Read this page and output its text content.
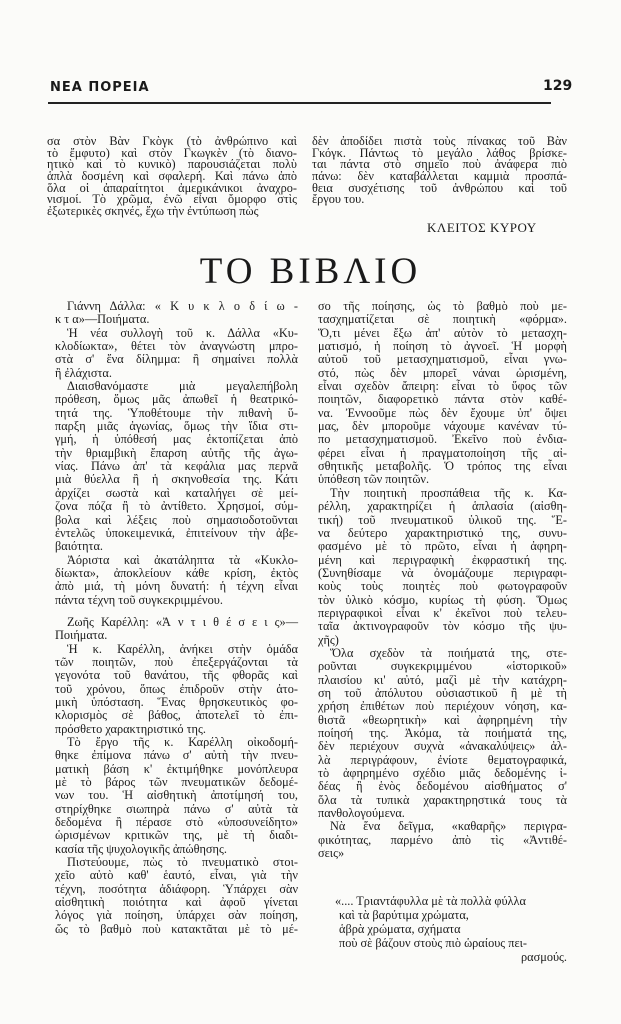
ΝΕΑ ΠΟΡΕΙΑ	129
σα στὸν Βὰν Γκὸγκ (τὸ ἀνθρώπινο καὶ
τὸ ἔμφυτο) καὶ στὸν Γκωγκὲν (τὸ διανο-
ητικὸ καὶ τὸ κυνικὸ) παρουσιάζεται πολὺ
ἁπλὰ δοσμένη καὶ σφαλερή. Καὶ πάνω ἀπὸ
ὅλα οἱ ἀπαραίτητοι ἀμερικάνικοι ἀναχρο-
νισμοί. Τὸ χρῶμα, ἐνῶ εἶναι ὄμορφο στὶς
ἐξωτερικὲς σκηνές, ἔχω τὴν ἐντύπωση πὼς
δὲν ἀποδίδει πιστὰ τοὺς πίνακας τοῦ Βὰν
Γκόγκ. Πάντως τὸ μεγάλο λάθος βρίσκε-
ται πάντα στὸ σημεῖο ποὺ ἀνάφερα πιὸ
πάνω: δὲν καταβάλλεται καμμιὰ προσπά-
θεια συσχέτισης τοῦ ἀνθρώπου καὶ τοῦ
ἔργου του.
ΚΛΕΙΤΟΣ ΚΥΡΟΥ
ΤΟ ΒΙΒΛΙΟ
Γιάννη Δάλλα: « Κ υ κ λ ο δ ί ω -
κ τ α»—Ποιήματα.
Ἡ νέα συλλογὴ τοῦ κ. Δάλλα «Κυ-
κλοδίωκτα», θέτει τὸν ἀναγνώστη μπρο-
στὰ σ' ἕνα δίλημμα: ἢ σημαίνει πολλὰ
ἢ ἐλάχιστα.
Διαισθανόμαστε μιὰ μεγαλεπήβολη
πρόθεση, ὅμως μᾶς ἀπωθεῖ ἡ θεατρικό-
τητά της. Ὑποθέτουμε τὴν πιθανὴ ὕ-
παρξη μιᾶς ἀγωνίας, ὅμως τὴν ἴδια στι-
γμή, ἡ ὑπόθεσή μας ἐκτοπίζεται ἀπὸ
τὴν θριαμβικὴ ἔπαρση αὐτῆς τῆς ἀγω-
νίας. Πάνω ἀπ' τὰ κεφάλια μας περνᾶ
μιὰ θύελλα ἢ ἡ σκηνοθεσία της. Κάτι
ἀρχίζει σωστὰ καὶ καταλήγει σὲ μεί-
ζονα πόζα ἢ τὸ ἀντίθετο. Χρησμοί, σύμ-
βολα καὶ λέξεις ποὺ σημασιοδοτοῦνται
ἐντελῶς ὑποκειμενικά, ἐπιτείνουν τὴν ἀβε-
βαιότητα.
Ἀόριστα καὶ ἀκατάληπτα τὰ «Κυκλο-
δίωκτα», ἀποκλείουν κάθε κρίση, ἐκτὸς
ἀπὸ μιά, τὴ μόνη δυνατή: ἡ τέχνη εἶναι
πάντα τέχνη τοῦ συγκεκριμμένου.
Ζωῆς Καρέλλη: «Ἀ ν τ ι θ έ σ ε ι ς»—
Ποιήματα.
Ἡ κ. Καρέλλη, ἀνήκει στὴν ὁμάδα
τῶν ποιητῶν, ποὺ ἐπεξεργάζονται τὰ
γεγονότα τοῦ θανάτου, τῆς φθορᾶς καὶ
τοῦ χρόνου, ὅπως ἐπιδροῦν στὴν ἀτο-
μικὴ ὑπόσταση. Ἕνας θρησκευτικὸς φο-
κλορισμὸς σὲ βάθος, ἀποτελεῖ τὸ ἐπι-
πρόσθετο χαρακτηριστικό της.
Τὸ ἔργο τῆς κ. Καρέλλη οἰκοδομή-
θηκε ἐπίμονα πάνω σ' αὐτὴ τὴν πνευ-
ματικὴ βάση κ' ἐκτιμήθηκε μονόπλευρα
μὲ τὸ βάρος τῶν πνευματικῶν δεδομέ-
νων του. Ἡ αἰσθητικὴ ἀποτίμησή του,
στηρίχθηκε σιωπηρὰ πάνω σ' αὐτὰ τὰ
δεδομένα ἢ πέρασε στὸ «ὑποσυνείδητο»
ὡρισμένων κριτικῶν της, μὲ τὴ διαδι-
κασία τῆς ψυχολογικῆς ἀπώθησης.
Πιστεύουμε, πὼς τὸ πνευματικὸ στοι-
χεῖο αὐτὸ καθ' ἑαυτό, εἶναι, γιὰ τὴν
τέχνη, ποσότητα ἀδιάφορη. Ὑπάρχει σὰν
αἰσθητικὴ ποιότητα καὶ ἀφοῦ γίνεται
λόγος γιὰ ποίηση, ὑπάρχει σὰν ποίηση,
ὥς τὸ βαθμὸ ποὺ κατακτᾶται μὲ τὸ μέ-
σο τῆς ποίησης, ὡς τὸ βαθμὸ ποὺ με-
τασχηματίζεται σὲ ποιητικὴ «φόρμα».
Ὅ,τι μένει ἔξω ἀπ' αὐτὸν τὸ μετασχη-
ματισμό, ἡ ποίηση τὸ ἀγνοεῖ. Ἡ μορφὴ
αὐτοῦ τοῦ μετασχηματισμοῦ, εἶναι γνω-
στό, πὼς δὲν μπορεῖ νάναι ὡρισμένη,
εἶναι σχεδὸν ἄπειρη: εἶναι τὸ ὕφος τῶν
ποιητῶν, διαφορετικὸ πάντα στὸν καθέ-
να. Ἐννοοῦμε πὼς δὲν ἔχουμε ὑπ' ὄψει
μας, δὲν μποροῦμε νάχουμε κανέναν τύ-
πο μετασχηματισμοῦ. Ἐκεῖνο ποὺ ἐνδια-
φέρει εἶναι ἡ πραγματοποίηση τῆς αἰ-
σθητικῆς μεταβολῆς. Ὁ τρόπος της εἶναι
ὑπόθεση τῶν ποιητῶν.
Τὴν ποιητικὴ προσπάθεια τῆς κ. Κα-
ρέλλη, χαρακτηρίζει ἡ ἁπλασία (αἰσθη-
τική) τοῦ πνευματικοῦ ὑλικοῦ της. Ἕ-
να δεύτερο χαρακτηριστικό της, συνυ-
φασμένο μὲ τὸ πρῶτο, εἶναι ἡ ἀφηρη-
μένη καὶ περιγραφικὴ ἐκφραστική της.
(Συνηθίσαμε νὰ ὀνομάζουμε περιγραφι-
κοὺς τοὺς ποιητὲς ποὺ φωτογραφοῦν
τὸν ὑλικὸ κόσμο, κυρίως τὴ φύση. Ὅμως
περιγραφικοὶ εἶναι κ' ἐκεῖνοι ποὺ τελευ-
ταῖα ἀκτινογραφοῦν τὸν κόσμο τῆς ψυ-
χῆς)
Ὅλα σχεδὸν τὰ ποιήματά της, στε-
ροῦνται συγκεκριμμένου «ἱστορικοῦ»
πλαισίου κι' αὐτό, μαζὶ μὲ τὴν κατάχρη-
ση τοῦ ἀπόλυτου οὐσιαστικοῦ ἢ μὲ τὴ
χρήση ἐπιθέτων ποὺ περιέχουν νόηση, κα-
θιστᾶ «θεωρητικὴ» καὶ ἀφηρημένη τὴν
ποίησή της. Ἀκόμα, τὰ ποιήματά της,
δὲν περιέχουν συχνὰ «ἀνακαλύψεις» ἀλ-
λὰ περιγράφουν, ἐνίοτε θεματογραφικά,
τὸ ἀφηρημένο σχέδιο μιᾶς δεδομένης ἰ-
δέας ἢ ἑνὸς δεδομένου αἰσθήματος σ'
ὅλα τὰ τυπικὰ χαρακτηρηστικά τους τὰ
πανθολογούμενα.
Νὰ ἕνα δεῖγμα, «καθαρῆς» περιγρα-
φικότητας, παρμένο ἀπὸ τὶς «Ἀντιθέ-
σεις»
«.... Τριαντάφυλλα μὲ τὰ πολλὰ φύλλα
καὶ τὰ βαρύτιμα χρώματα,
ἁβρὰ χρώματα, σχήματα
ποὺ σὲ βάζουν στοὺς πιὸ ὡραίους πει-
ρασμούς.
